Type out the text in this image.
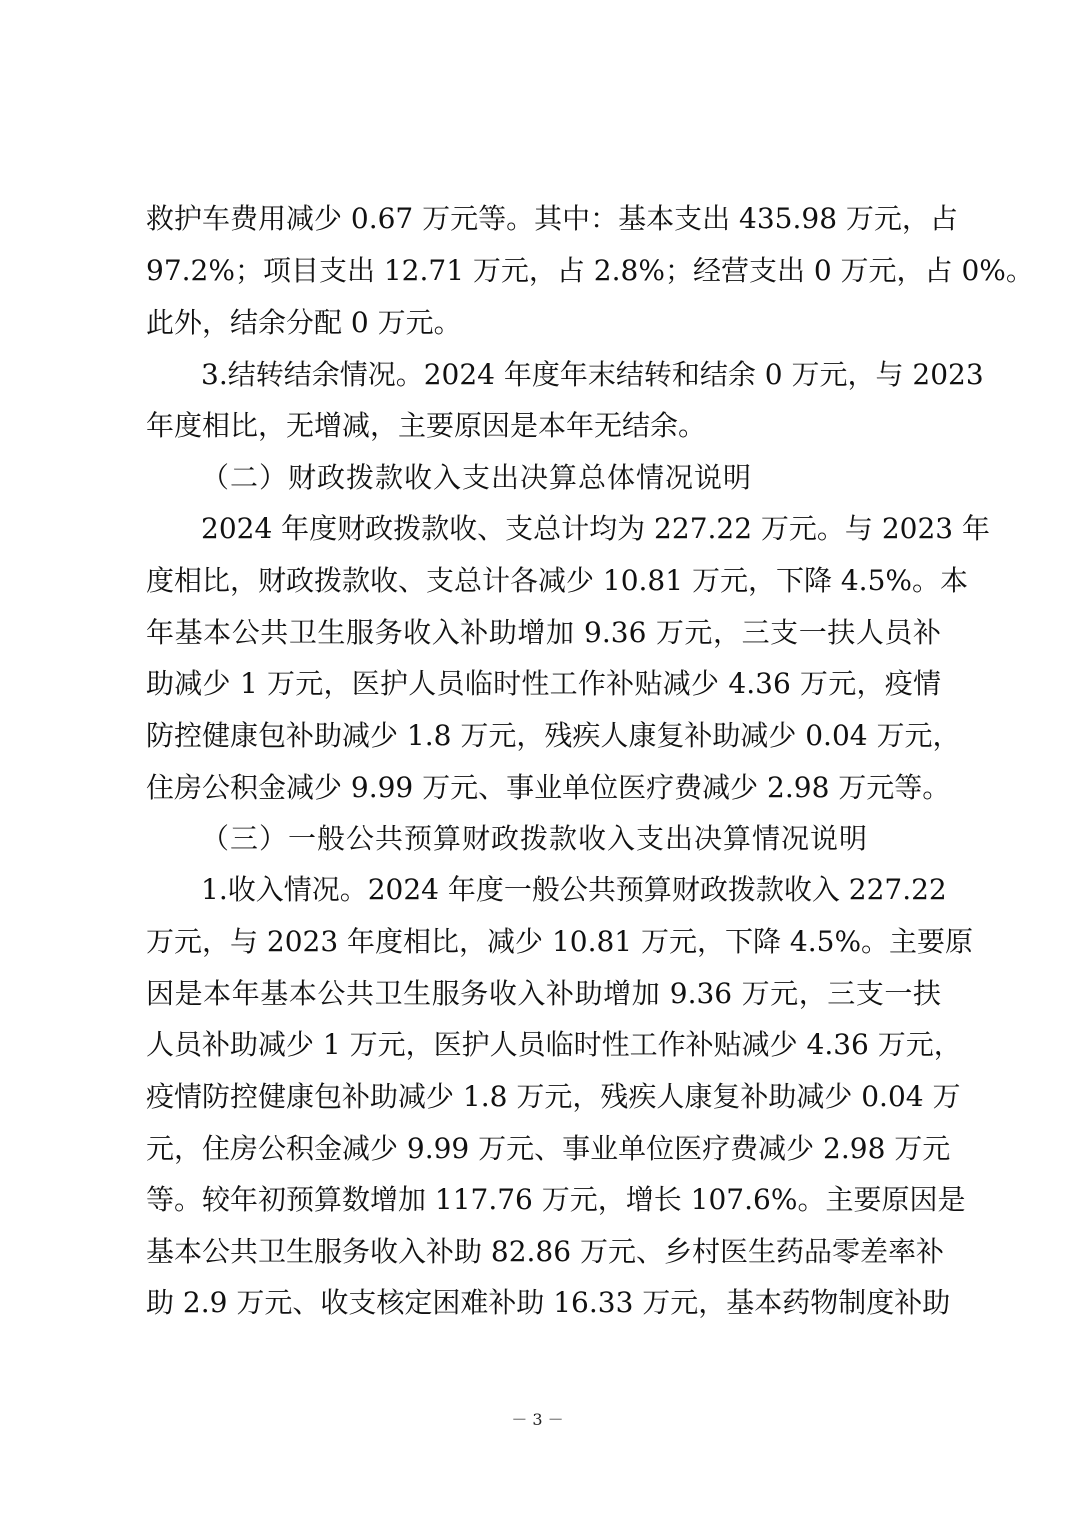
救护车费用减少 0.67 万元等。其中：基本支出 435.98 万元，占
97.2%；项目支出 12.71 万元，占 2.8%；经营支出 0 万元，占 0%。
此外，结余分配 0 万元。
3.结转结余情况。2024 年度年末结转和结余 0 万元，与 2023
年度相比，无增减，主要原因是本年无结余。
（二）财政拨款收入支出决算总体情况说明
2024 年度财政拨款收、支总计均为 227.22 万元。与 2023 年
度相比，财政拨款收、支总计各减少 10.81 万元，下降 4.5%。本
年基本公共卫生服务收入补助增加 9.36 万元，三支一扶人员补
助减少 1 万元，医护人员临时性工作补贴减少 4.36 万元，疫情
防控健康包补助减少 1.8 万元，残疾人康复补助减少 0.04 万元，
住房公积金减少 9.99 万元、事业单位医疗费减少 2.98 万元等。
（三）一般公共预算财政拨款收入支出决算情况说明
1.收入情况。2024 年度一般公共预算财政拨款收入 227.22
万元，与 2023 年度相比，减少 10.81 万元，下降 4.5%。主要原
因是本年基本公共卫生服务收入补助增加 9.36 万元，三支一扶
人员补助减少 1 万元，医护人员临时性工作补贴减少 4.36 万元，
疫情防控健康包补助减少 1.8 万元，残疾人康复补助减少 0.04 万
元，住房公积金减少 9.99 万元、事业单位医疗费减少 2.98 万元
等。较年初预算数增加 117.76 万元，增长 107.6%。主要原因是
基本公共卫生服务收入补助 82.86 万元、乡村医生药品零差率补
助 2.9 万元、收支核定困难补助 16.33 万元，基本药物制度补助
－ 3 －
